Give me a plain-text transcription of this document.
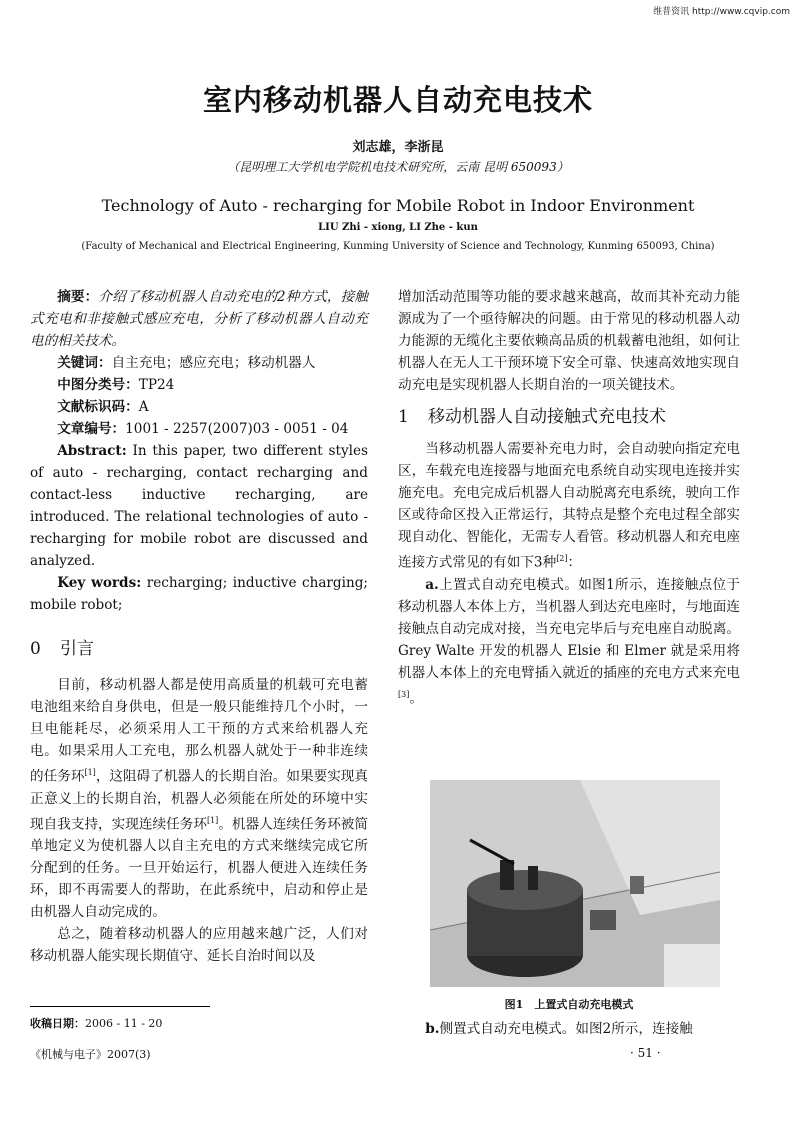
维普资讯 http://www.cqvip.com
室内移动机器人自动充电技术
刘志雄，李浙昆
（昆明理工大学机电学院机电技术研究所，云南 昆明 650093）
Technology of Auto - recharging for Mobile Robot in Indoor Environment
LIU Zhi - xiong, LI Zhe - kun
(Faculty of Mechanical and Electrical Engineering, Kunming University of Science and Technology, Kunming 650093, China)

摘要：介绍了移动机器人自动充电的2种方式，接触式充电和非接触式感应充电，分析了移动机器人自动充电的相关技术。

关键词：自主充电；感应充电；移动机器人

中图分类号：TP24

文献标识码：A

文章编号：1001 - 2257(2007)03 - 0051 - 04

Abstract: In this paper, two different styles of auto - recharging, contact recharging and contact-less inductive recharging, are introduced. The relational technologies of auto - recharging for mobile robot are discussed and analyzed.

Key words: recharging; inductive charging; mobile robot;

0 引言

目前，移动机器人都是使用高质量的机载可充电蓄电池组来给自身供电，但是一般只能维持几个小时，一旦电能耗尽，必须采用人工干预的方式来给机器人充电。如果采用人工充电，那么机器人就处于一种非连续的任务环[1]，这阻碍了机器人的长期自治。如果要实现真正意义上的长期自治，机器人必须能在所处的环境中实现自我支持，实现连续任务环[1]。机器人连续任务环被简单地定义为使机器人以自主充电的方式来继续完成它所分配到的任务。一旦开始运行，机器人便进入连续任务环，即不再需要人的帮助，在此系统中，启动和停止是由机器人自动完成的。

总之，随着移动机器人的应用越来越广泛，人们对移动机器人能实现长期值守、延长自治时间以及

增加活动范围等功能的要求越来越高，故而其补充动力能源成为了一个亟待解决的问题。由于常见的移动机器人动力能源的无缆化主要依赖高品质的机载蓄电池组，如何让机器人在无人工干预环境下安全可靠、快速高效地实现自动充电是实现机器人长期自治的一项关键技术。

1 移动机器人自动接触式充电技术

当移动机器人需要补充电力时，会自动驶向指定充电区，车载充电连接器与地面充电系统自动实现电连接并实施充电。充电完成后机器人自动脱离充电系统，驶向工作区或待命区投入正常运行，其特点是整个充电过程全部实现自动化、智能化，无需专人看管。移动机器人和充电座连接方式常见的有如下3种[2]：

a.上置式自动充电模式。如图1所示，连接触点位于移动机器人本体上方，当机器人到达充电座时，与地面连接触点自动完成对接，当充电完毕后与充电座自动脱离。Grey Walte 开发的机器人 Elsie 和 Elmer 就是采用将机器人本体上的充电臂插入就近的插座的充电方式来充电[3]。

图1　上置式自动充电模式

b.侧置式自动充电模式。如图2所示，连接触

收稿日期：2006 - 11 - 20
《机械与电子》2007(3)	· 51 ·
